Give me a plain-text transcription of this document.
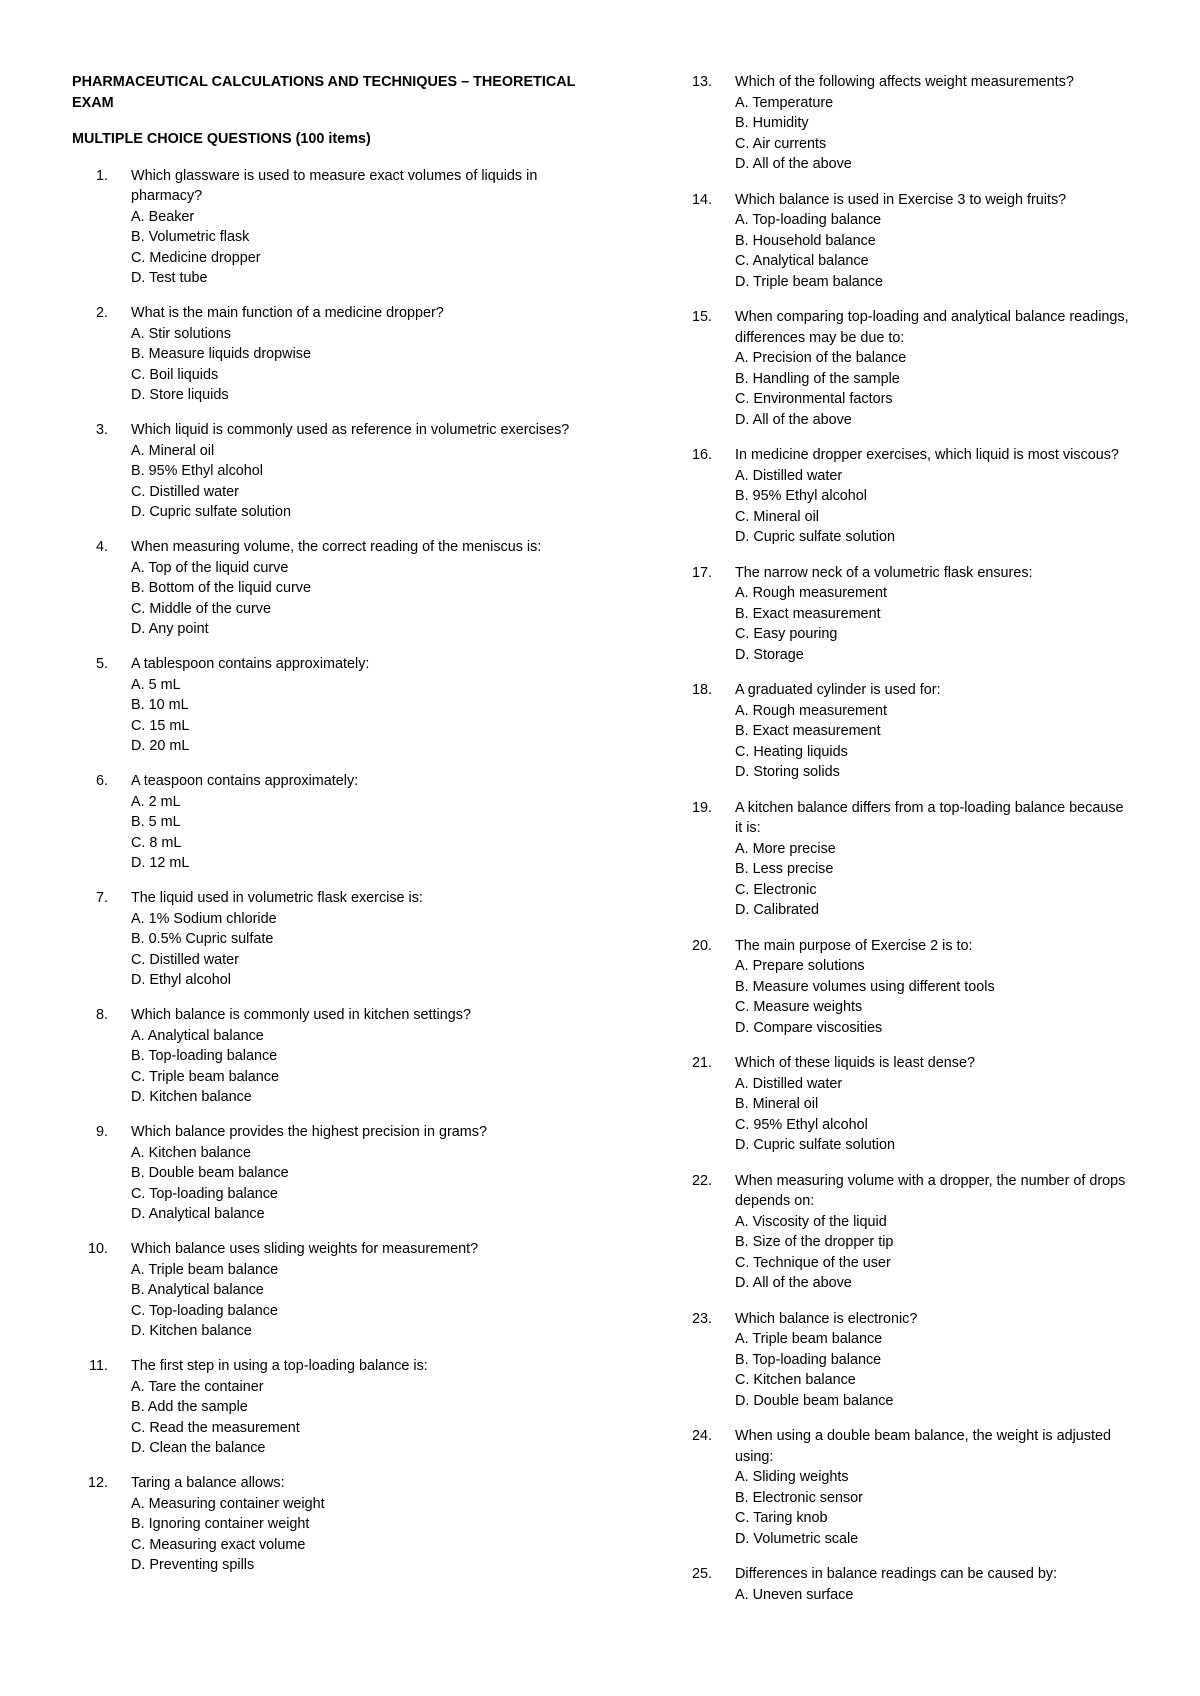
PHARMACEUTICAL CALCULATIONS AND TECHNIQUES – THEORETICAL EXAM
MULTIPLE CHOICE QUESTIONS (100 items)
1. Which glassware is used to measure exact volumes of liquids in pharmacy?
A. Beaker
B. Volumetric flask
C. Medicine dropper
D. Test tube
2. What is the main function of a medicine dropper?
A. Stir solutions
B. Measure liquids dropwise
C. Boil liquids
D. Store liquids
3. Which liquid is commonly used as reference in volumetric exercises?
A. Mineral oil
B. 95% Ethyl alcohol
C. Distilled water
D. Cupric sulfate solution
4. When measuring volume, the correct reading of the meniscus is:
A. Top of the liquid curve
B. Bottom of the liquid curve
C. Middle of the curve
D. Any point
5. A tablespoon contains approximately:
A. 5 mL
B. 10 mL
C. 15 mL
D. 20 mL
6. A teaspoon contains approximately:
A. 2 mL
B. 5 mL
C. 8 mL
D. 12 mL
7. The liquid used in volumetric flask exercise is:
A. 1% Sodium chloride
B. 0.5% Cupric sulfate
C. Distilled water
D. Ethyl alcohol
8. Which balance is commonly used in kitchen settings?
A. Analytical balance
B. Top-loading balance
C. Triple beam balance
D. Kitchen balance
9. Which balance provides the highest precision in grams?
A. Kitchen balance
B. Double beam balance
C. Top-loading balance
D. Analytical balance
10. Which balance uses sliding weights for measurement?
A. Triple beam balance
B. Analytical balance
C. Top-loading balance
D. Kitchen balance
11. The first step in using a top-loading balance is:
A. Tare the container
B. Add the sample
C. Read the measurement
D. Clean the balance
12. Taring a balance allows:
A. Measuring container weight
B. Ignoring container weight
C. Measuring exact volume
D. Preventing spills
13. Which of the following affects weight measurements?
A. Temperature
B. Humidity
C. Air currents
D. All of the above
14. Which balance is used in Exercise 3 to weigh fruits?
A. Top-loading balance
B. Household balance
C. Analytical balance
D. Triple beam balance
15. When comparing top-loading and analytical balance readings, differences may be due to:
A. Precision of the balance
B. Handling of the sample
C. Environmental factors
D. All of the above
16. In medicine dropper exercises, which liquid is most viscous?
A. Distilled water
B. 95% Ethyl alcohol
C. Mineral oil
D. Cupric sulfate solution
17. The narrow neck of a volumetric flask ensures:
A. Rough measurement
B. Exact measurement
C. Easy pouring
D. Storage
18. A graduated cylinder is used for:
A. Rough measurement
B. Exact measurement
C. Heating liquids
D. Storing solids
19. A kitchen balance differs from a top-loading balance because it is:
A. More precise
B. Less precise
C. Electronic
D. Calibrated
20. The main purpose of Exercise 2 is to:
A. Prepare solutions
B. Measure volumes using different tools
C. Measure weights
D. Compare viscosities
21. Which of these liquids is least dense?
A. Distilled water
B. Mineral oil
C. 95% Ethyl alcohol
D. Cupric sulfate solution
22. When measuring volume with a dropper, the number of drops depends on:
A. Viscosity of the liquid
B. Size of the dropper tip
C. Technique of the user
D. All of the above
23. Which balance is electronic?
A. Triple beam balance
B. Top-loading balance
C. Kitchen balance
D. Double beam balance
24. When using a double beam balance, the weight is adjusted using:
A. Sliding weights
B. Electronic sensor
C. Taring knob
D. Volumetric scale
25. Differences in balance readings can be caused by:
A. Uneven surface
